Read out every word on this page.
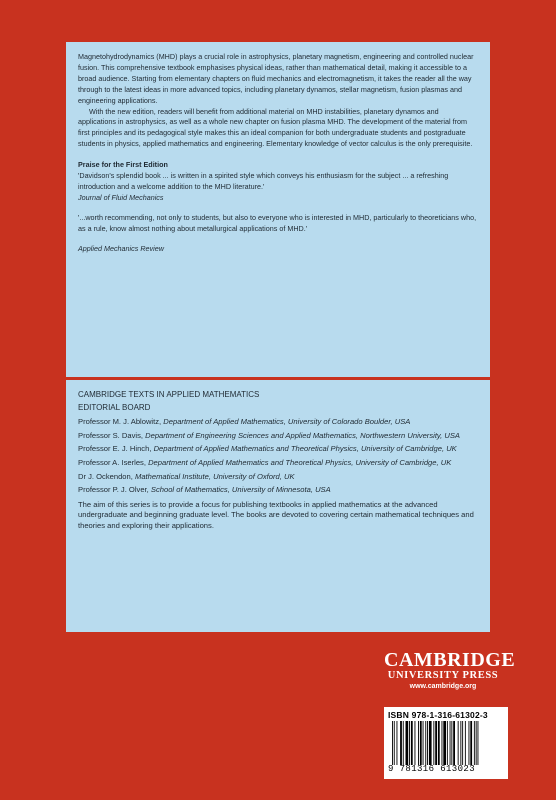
Magnetohydrodynamics (MHD) plays a crucial role in astrophysics, planetary magnetism, engineering and controlled nuclear fusion. This comprehensive textbook emphasises physical ideas, rather than mathematical detail, making it accessible to a broad audience. Starting from elementary chapters on fluid mechanics and electromagnetism, it takes the reader all the way through to the latest ideas in more advanced topics, including planetary dynamos, stellar magnetism, fusion plasmas and engineering applications.

With the new edition, readers will benefit from additional material on MHD instabilities, planetary dynamos and applications in astrophysics, as well as a whole new chapter on fusion plasma MHD. The development of the material from first principles and its pedagogical style makes this an ideal companion for both undergraduate students and postgraduate students in physics, applied mathematics and engineering. Elementary knowledge of vector calculus is the only prerequisite.

Praise for the First Edition

'Davidson's splendid book ... is written in a spirited style which conveys his enthusiasm for the subject ... a refreshing introduction and a welcome addition to the MHD literature.'

Journal of Fluid Mechanics

'...worth recommending, not only to students, but also to everyone who is interested in MHD, particularly to theoreticians who, as a rule, know almost nothing about metallurgical applications of MHD.'

Applied Mechanics Review

CAMBRIDGE TEXTS IN APPLIED MATHEMATICS

EDITORIAL BOARD

Professor M. J. Ablowitz, Department of Applied Mathematics, University of Colorado Boulder, USA

Professor S. Davis, Department of Engineering Sciences and Applied Mathematics, Northwestern University, USA

Professor E. J. Hinch, Department of Applied Mathematics and Theoretical Physics, University of Cambridge, UK

Professor A. Iserles, Department of Applied Mathematics and Theoretical Physics, University of Cambridge, UK

Dr J. Ockendon, Mathematical Institute, University of Oxford, UK

Professor P. J. Olver, School of Mathematics, University of Minnesota, USA

The aim of this series is to provide a focus for publishing textbooks in applied mathematics at the advanced undergraduate and beginning graduate level. The books are devoted to covering certain mathematical techniques and theories and exploring their applications.

CAMBRIDGE
UNIVERSITY PRESS
www.cambridge.org
ISBN 978-1-316-61302-3
9 781316 613023
